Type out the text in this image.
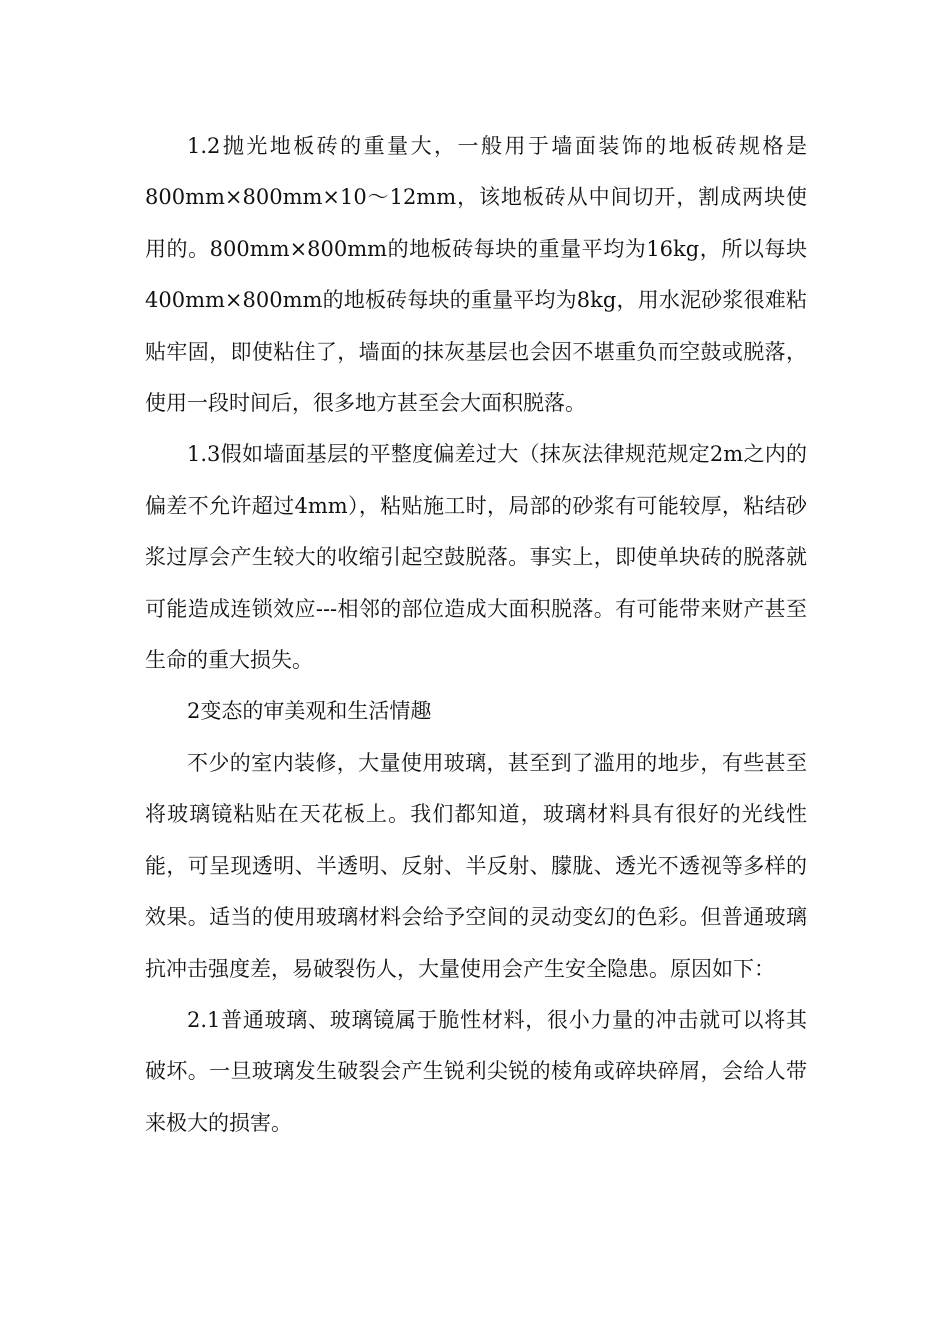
1.2抛光地板砖的重量大，一般用于墙面装饰的地板砖规格是800mm×800mm×10～12mm，该地板砖从中间切开，割成两块使用的。800mm×800mm的地板砖每块的重量平均为16kg，所以每块400mm×800mm的地板砖每块的重量平均为8kg，用水泥砂浆很难粘贴牢固，即使粘住了，墙面的抹灰基层也会因不堪重负而空鼓或脱落，使用一段时间后，很多地方甚至会大面积脱落。

1.3假如墙面基层的平整度偏差过大（抹灰法律规范规定2m之内的偏差不允许超过4mm），粘贴施工时，局部的砂浆有可能较厚，粘结砂浆过厚会产生较大的收缩引起空鼓脱落。事实上，即使单块砖的脱落就可能造成连锁效应---相邻的部位造成大面积脱落。有可能带来财产甚至生命的重大损失。

2变态的审美观和生活情趣

不少的室内装修，大量使用玻璃，甚至到了滥用的地步，有些甚至将玻璃镜粘贴在天花板上。我们都知道，玻璃材料具有很好的光线性能，可呈现透明、半透明、反射、半反射、朦胧、透光不透视等多样的效果。适当的使用玻璃材料会给予空间的灵动变幻的色彩。但普通玻璃抗冲击强度差，易破裂伤人，大量使用会产生安全隐患。原因如下：

2.1普通玻璃、玻璃镜属于脆性材料，很小力量的冲击就可以将其破坏。一旦玻璃发生破裂会产生锐利尖锐的棱角或碎块碎屑，会给人带来极大的损害。
